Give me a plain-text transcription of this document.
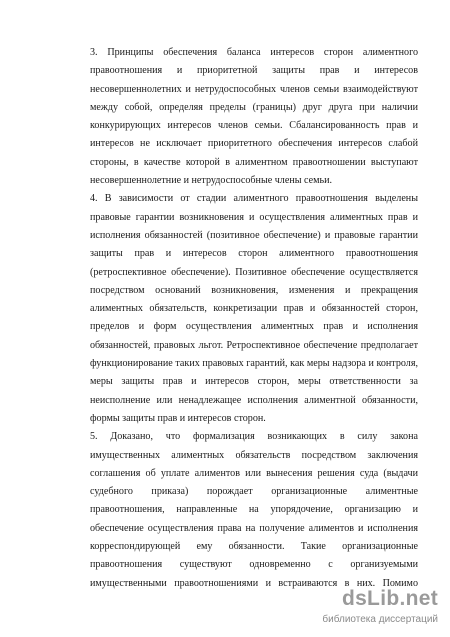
3. Принципы обеспечения баланса интересов сторон алиментного
правоотношения и приоритетной защиты прав и интересов
несовершеннолетних и нетрудоспособных членов семьи взаимодействуют
между собой, определяя пределы (границы) друг друга при наличии
конкурирующих интересов членов семьи. Сбалансированность прав и
интересов не исключает приоритетного обеспечения интересов слабой
стороны, в качестве которой в алиментном правоотношении выступают
несовершеннолетние и нетрудоспособные члены семьи.

4. В зависимости от стадии алиментного правоотношения выделены
правовые гарантии возникновения и осуществления алиментных прав и
исполнения обязанностей (позитивное обеспечение) и правовые гарантии
защиты прав и интересов сторон алиментного правоотношения
(ретроспективное обеспечение). Позитивное обеспечение осуществляется
посредством оснований возникновения, изменения и прекращения
алиментных обязательств, конкретизации прав и обязанностей сторон,
пределов и форм осуществления алиментных прав и исполнения
обязанностей, правовых льгот. Ретроспективное обеспечение предполагает
функционирование таких правовых гарантий, как меры надзора и контроля,
меры защиты прав и интересов сторон, меры ответственности за
неисполнение или ненадлежащее исполнения алиментной обязанности,
формы защиты прав и интересов сторон.

5. Доказано, что формализация возникающих в силу закона
имущественных алиментных обязательств посредством заключения
соглашения об уплате алиментов или вынесения решения суда (выдачи
судебного приказа) порождает организационные алиментные
правоотношения, направленные на упорядочение, организацию и
обеспечение осуществления права на получение алиментов и исполнения
корреспондирующей ему обязанности. Такие организационные
правоотношения существуют одновременно с организуемыми
имущественными правоотношениями и встраиваются в них. Помимо

dsLib.net
библиотека диссертаций
